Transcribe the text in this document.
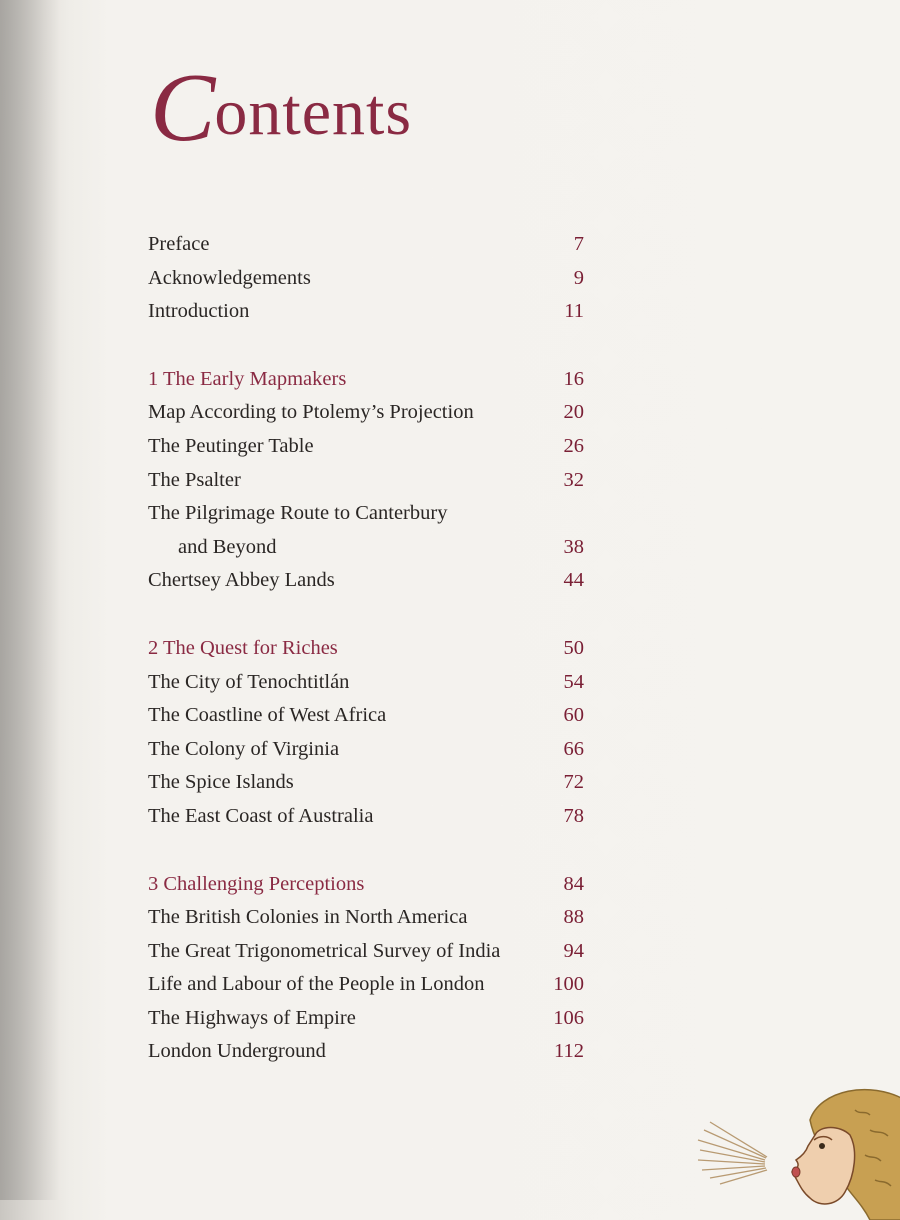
Contents
Preface	7
Acknowledgements	9
Introduction	11
1 The Early Mapmakers	16
Map According to Ptolemy’s Projection	20
The Peutinger Table	26
The Psalter	32
The Pilgrimage Route to Canterbury
and Beyond	38
Chertsey Abbey Lands	44
2 The Quest for Riches	50
The City of Tenochtitlán	54
The Coastline of West Africa	60
The Colony of Virginia	66
The Spice Islands	72
The East Coast of Australia	78
3 Challenging Perceptions	84
The British Colonies in North America	88
The Great Trigonometrical Survey of India	94
Life and Labour of the People in London	100
The Highways of Empire	106
London Underground	112
